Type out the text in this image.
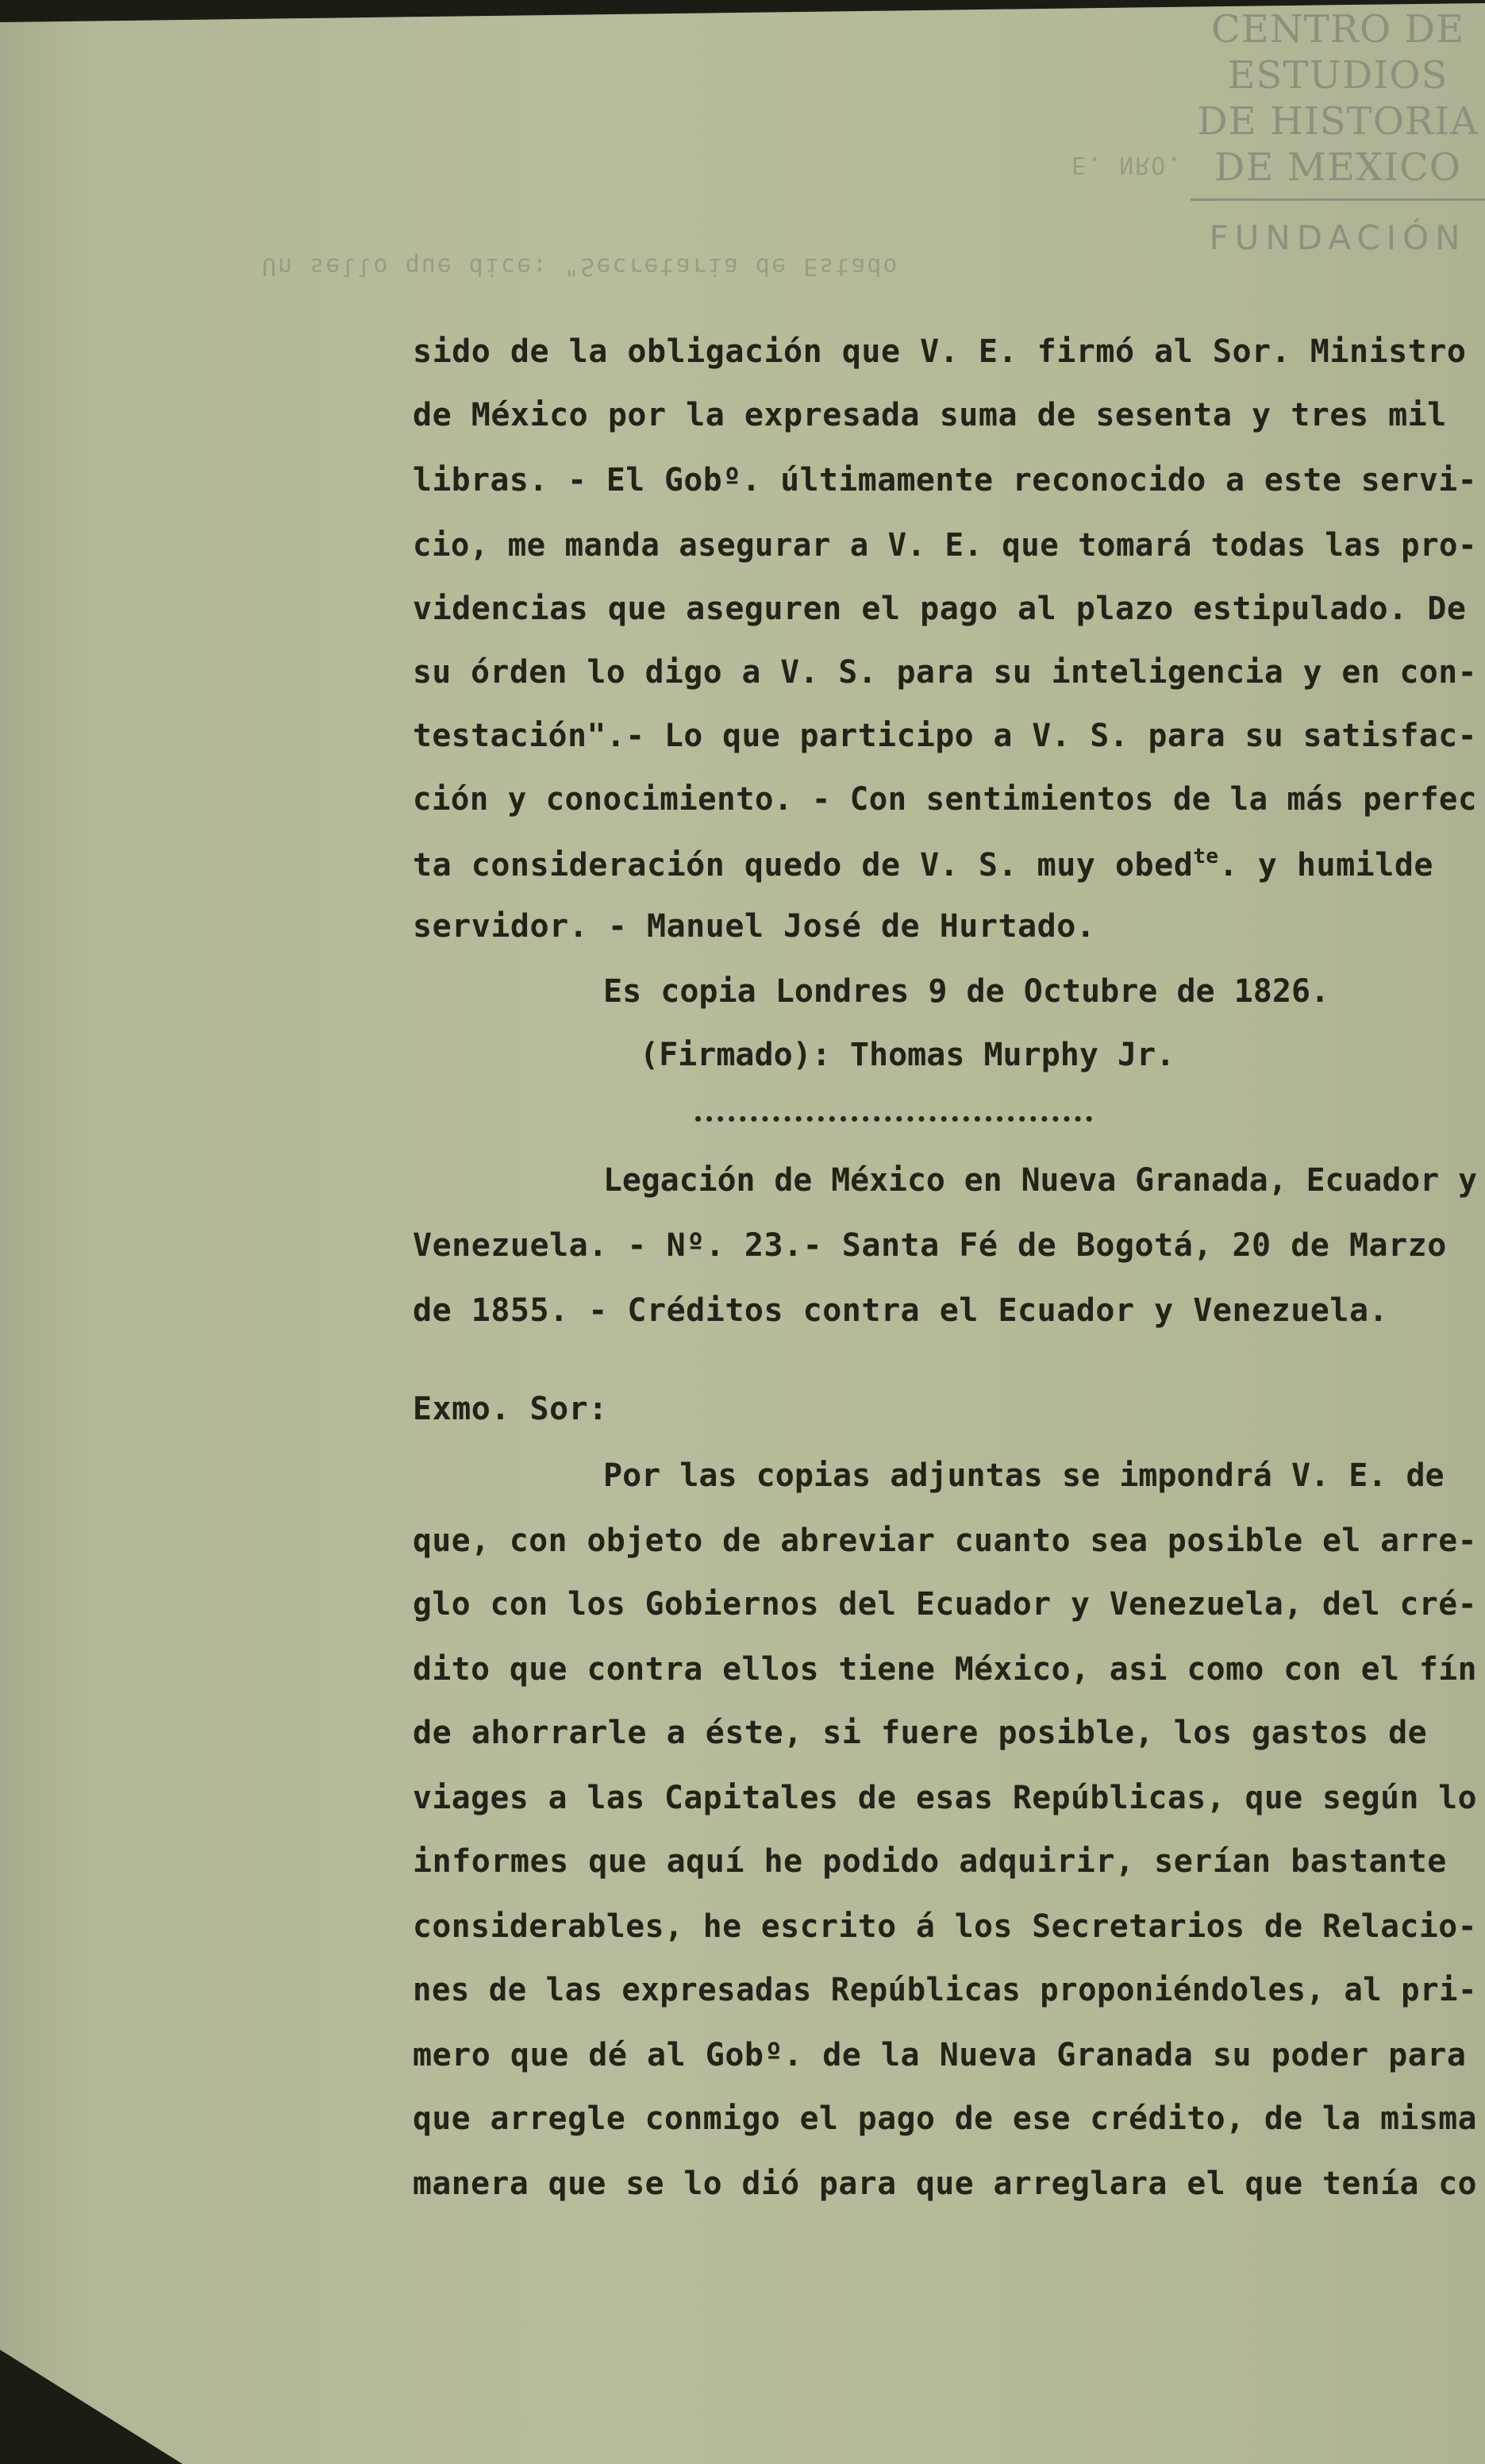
Un sello que dice: "Secretaria de Estado
E. NRO.
CENTRO DE
ESTUDIOS
DE HISTORIA
DE MEXICO
FUNDACIÓN
sido de la obligación que V. E. firmó al Sor. Ministro
de México por la expresada suma de sesenta y tres mil
libras. - El Gobº. últimamente reconocido a este servi-
cio, me manda asegurar a V. E. que tomará todas las pro-
videncias que aseguren el pago al plazo estipulado. De
su órden lo digo a V. S. para su inteligencia y en con-
testación".- Lo que participo a V. S. para su satisfac-
ción y conocimiento. - Con sentimientos de la más perfec
ta consideración quedo de V. S. muy obed$^{te}$. y humilde
servidor. - Manuel José de Hurtado.
Es copia Londres 9 de Octubre de 1826.
(Firmado): Thomas Murphy Jr.
Legación de México en Nueva Granada, Ecuador y
Venezuela. - Nº. 23.- Santa Fé de Bogotá, 20 de Marzo
de 1855. - Créditos contra el Ecuador y Venezuela.
Exmo. Sor:
Por las copias adjuntas se impondrá V. E. de
que, con objeto de abreviar cuanto sea posible el arre-
glo con los Gobiernos del Ecuador y Venezuela, del cré-
dito que contra ellos tiene México, asi como con el fín
de ahorrarle a éste, si fuere posible, los gastos de
viages a las Capitales de esas Repúblicas, que según lo
informes que aquí he podido adquirir, serían bastante
considerables, he escrito á los Secretarios de Relacio-
nes de las expresadas Repúblicas proponiéndoles, al pri-
mero que dé al Gobº. de la Nueva Granada su poder para
que arregle conmigo el pago de ese crédito, de la misma
manera que se lo dió para que arreglara el que tenía co
